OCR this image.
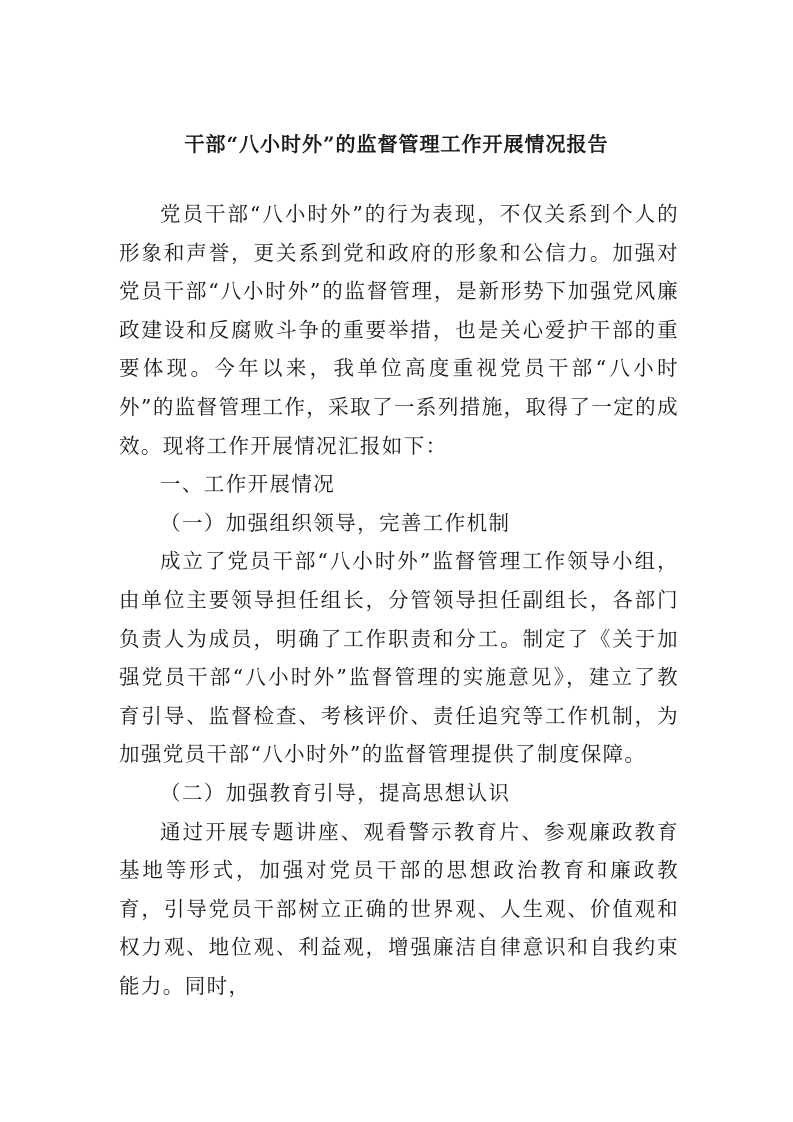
干部“八小时外”的监督管理工作开展情况报告

党员干部“八小时外”的行为表现，不仅关系到个人的形象和声誉，更关系到党和政府的形象和公信力。加强对党员干部“八小时外”的监督管理，是新形势下加强党风廉政建设和反腐败斗争的重要举措，也是关心爱护干部的重要体现。今年以来，我单位高度重视党员干部“八小时外”的监督管理工作，采取了一系列措施，取得了一定的成效。现将工作开展情况汇报如下：

一、工作开展情况

（一）加强组织领导，完善工作机制

成立了党员干部“八小时外”监督管理工作领导小组，由单位主要领导担任组长，分管领导担任副组长，各部门负责人为成员，明确了工作职责和分工。制定了《关于加强党员干部“八小时外”监督管理的实施意见》，建立了教育引导、监督检查、考核评价、责任追究等工作机制，为加强党员干部“八小时外”的监督管理提供了制度保障。

（二）加强教育引导，提高思想认识

通过开展专题讲座、观看警示教育片、参观廉政教育基地等形式，加强对党员干部的思想政治教育和廉政教育，引导党员干部树立正确的世界观、人生观、价值观和权力观、地位观、利益观，增强廉洁自律意识和自我约束能力。同时，
